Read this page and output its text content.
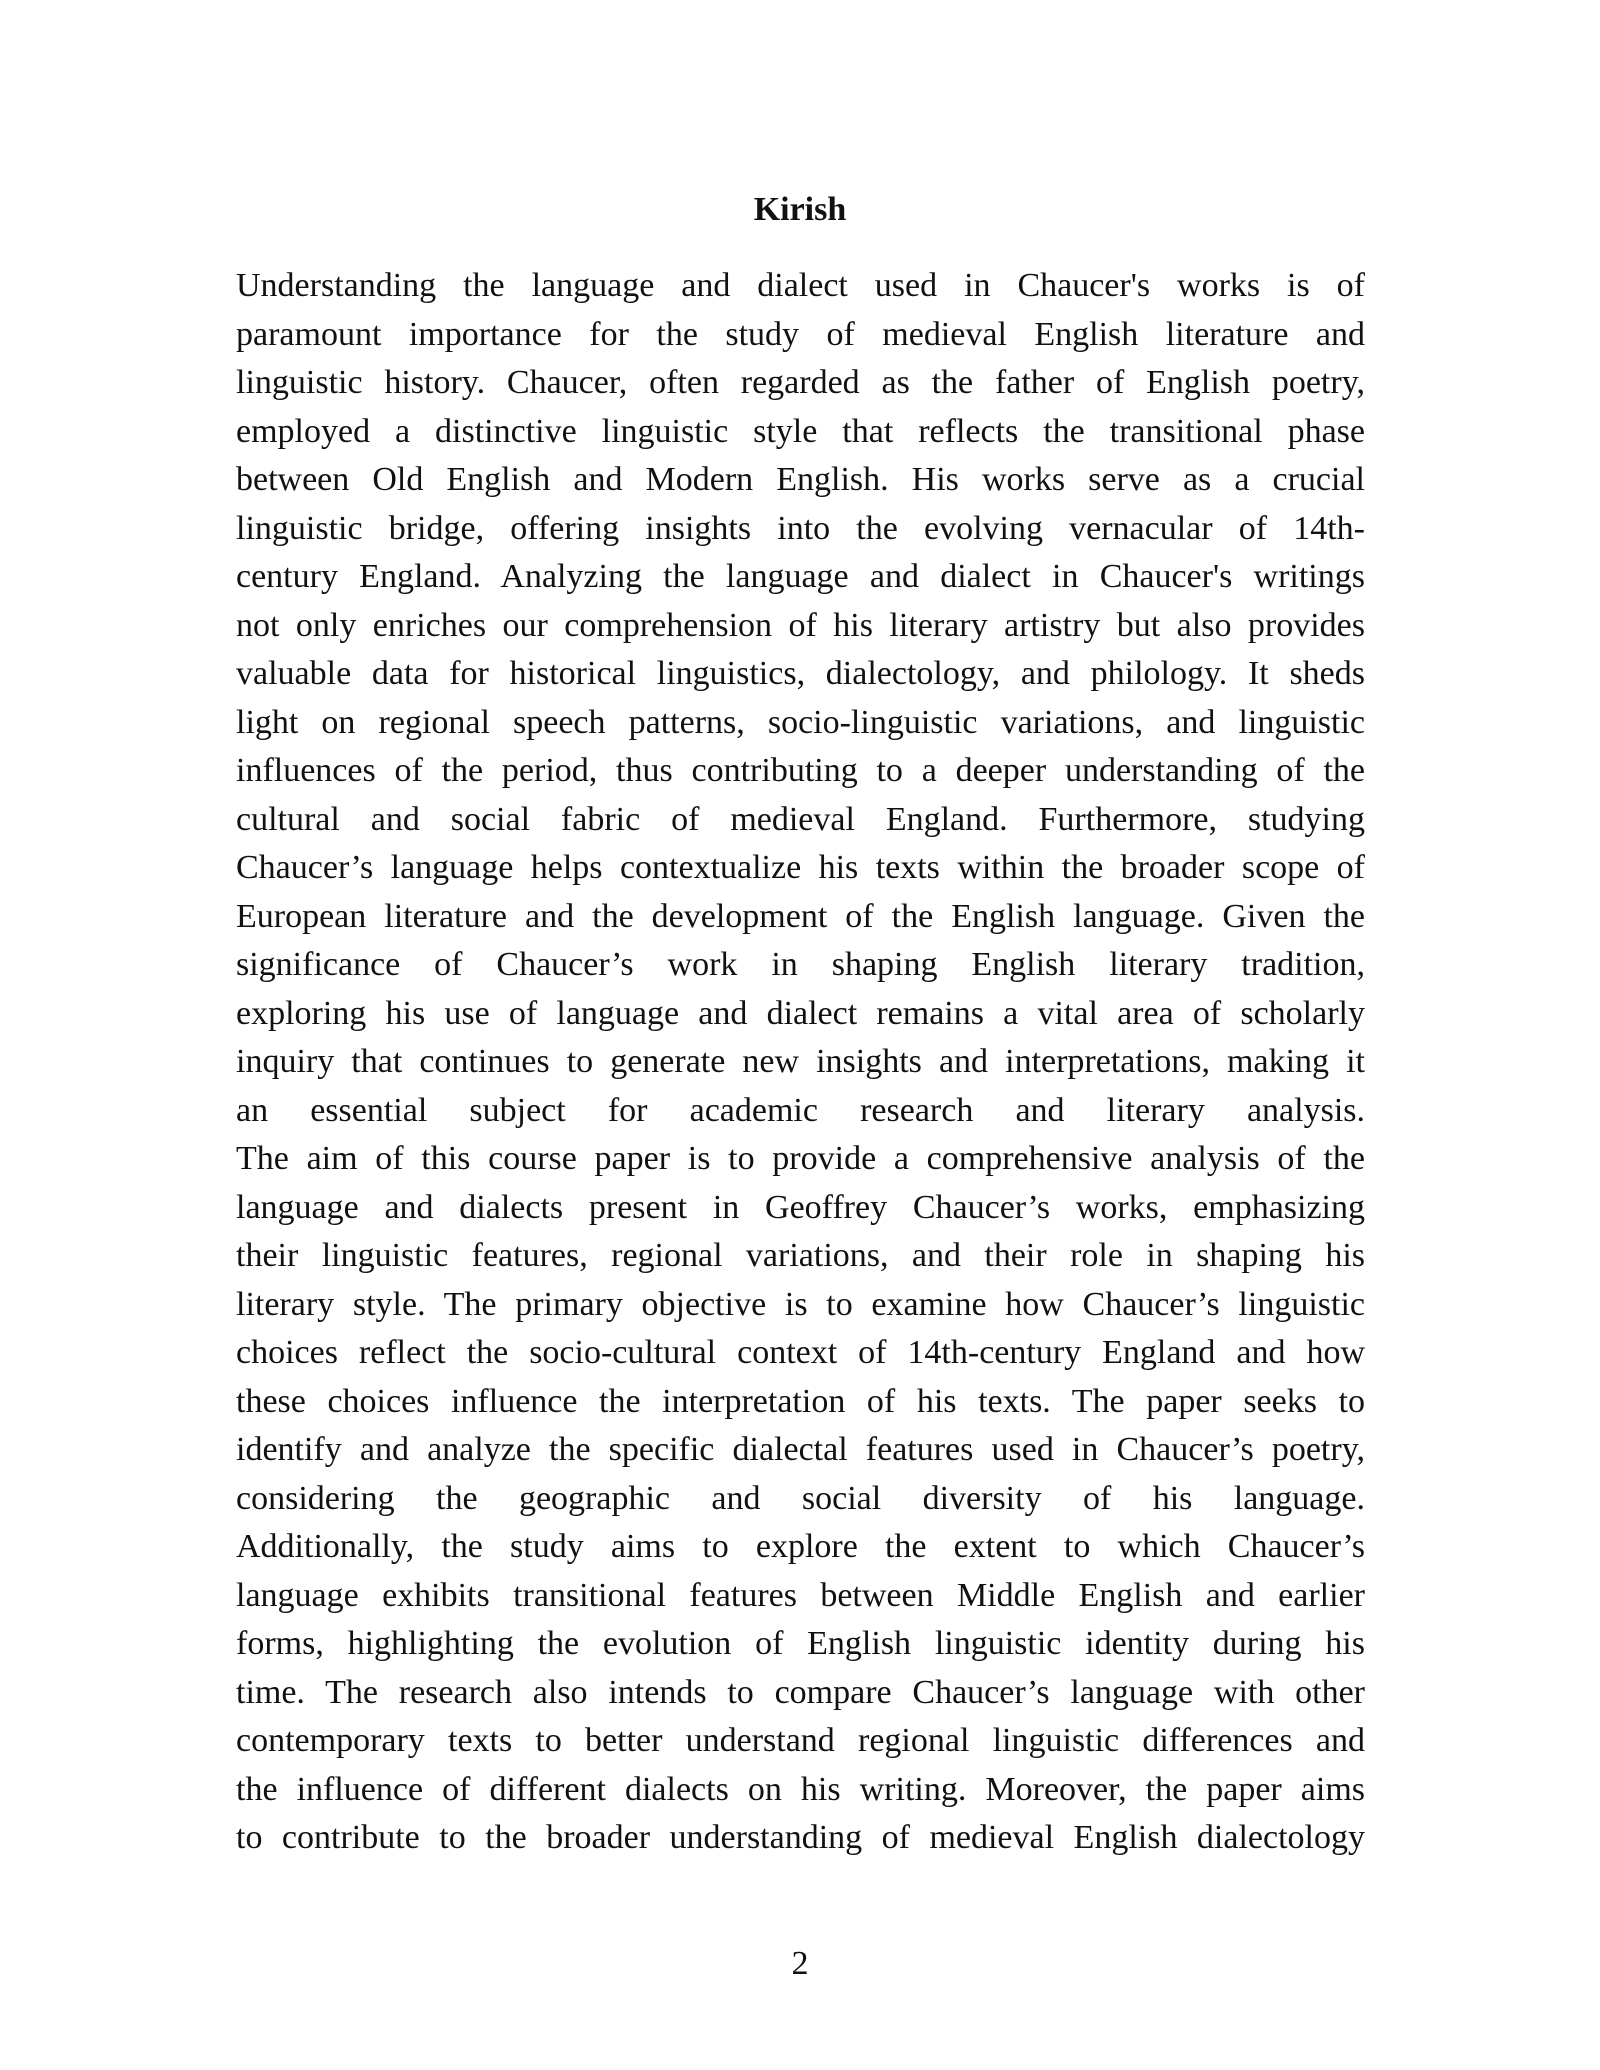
Kirish
Understanding the language and dialect used in Chaucer's works is of
paramount importance for the study of medieval English literature and
linguistic history. Chaucer, often regarded as the father of English poetry,
employed a distinctive linguistic style that reflects the transitional phase
between Old English and Modern English. His works serve as a crucial
linguistic bridge, offering insights into the evolving vernacular of 14th-
century England. Analyzing the language and dialect in Chaucer's writings
not only enriches our comprehension of his literary artistry but also provides
valuable data for historical linguistics, dialectology, and philology. It sheds
light on regional speech patterns, socio-linguistic variations, and linguistic
influences of the period, thus contributing to a deeper understanding of the
cultural and social fabric of medieval England. Furthermore, studying
Chaucer’s language helps contextualize his texts within the broader scope of
European literature and the development of the English language. Given the
significance of Chaucer’s work in shaping English literary tradition,
exploring his use of language and dialect remains a vital area of scholarly
inquiry that continues to generate new insights and interpretations, making it
an essential subject for academic research and literary analysis.
The aim of this course paper is to provide a comprehensive analysis of the
language and dialects present in Geoffrey Chaucer’s works, emphasizing
their linguistic features, regional variations, and their role in shaping his
literary style. The primary objective is to examine how Chaucer’s linguistic
choices reflect the socio-cultural context of 14th-century England and how
these choices influence the interpretation of his texts. The paper seeks to
identify and analyze the specific dialectal features used in Chaucer’s poetry,
considering the geographic and social diversity of his language.
Additionally, the study aims to explore the extent to which Chaucer’s
language exhibits transitional features between Middle English and earlier
forms, highlighting the evolution of English linguistic identity during his
time. The research also intends to compare Chaucer’s language with other
contemporary texts to better understand regional linguistic differences and
the influence of different dialects on his writing. Moreover, the paper aims
to contribute to the broader understanding of medieval English dialectology
2
